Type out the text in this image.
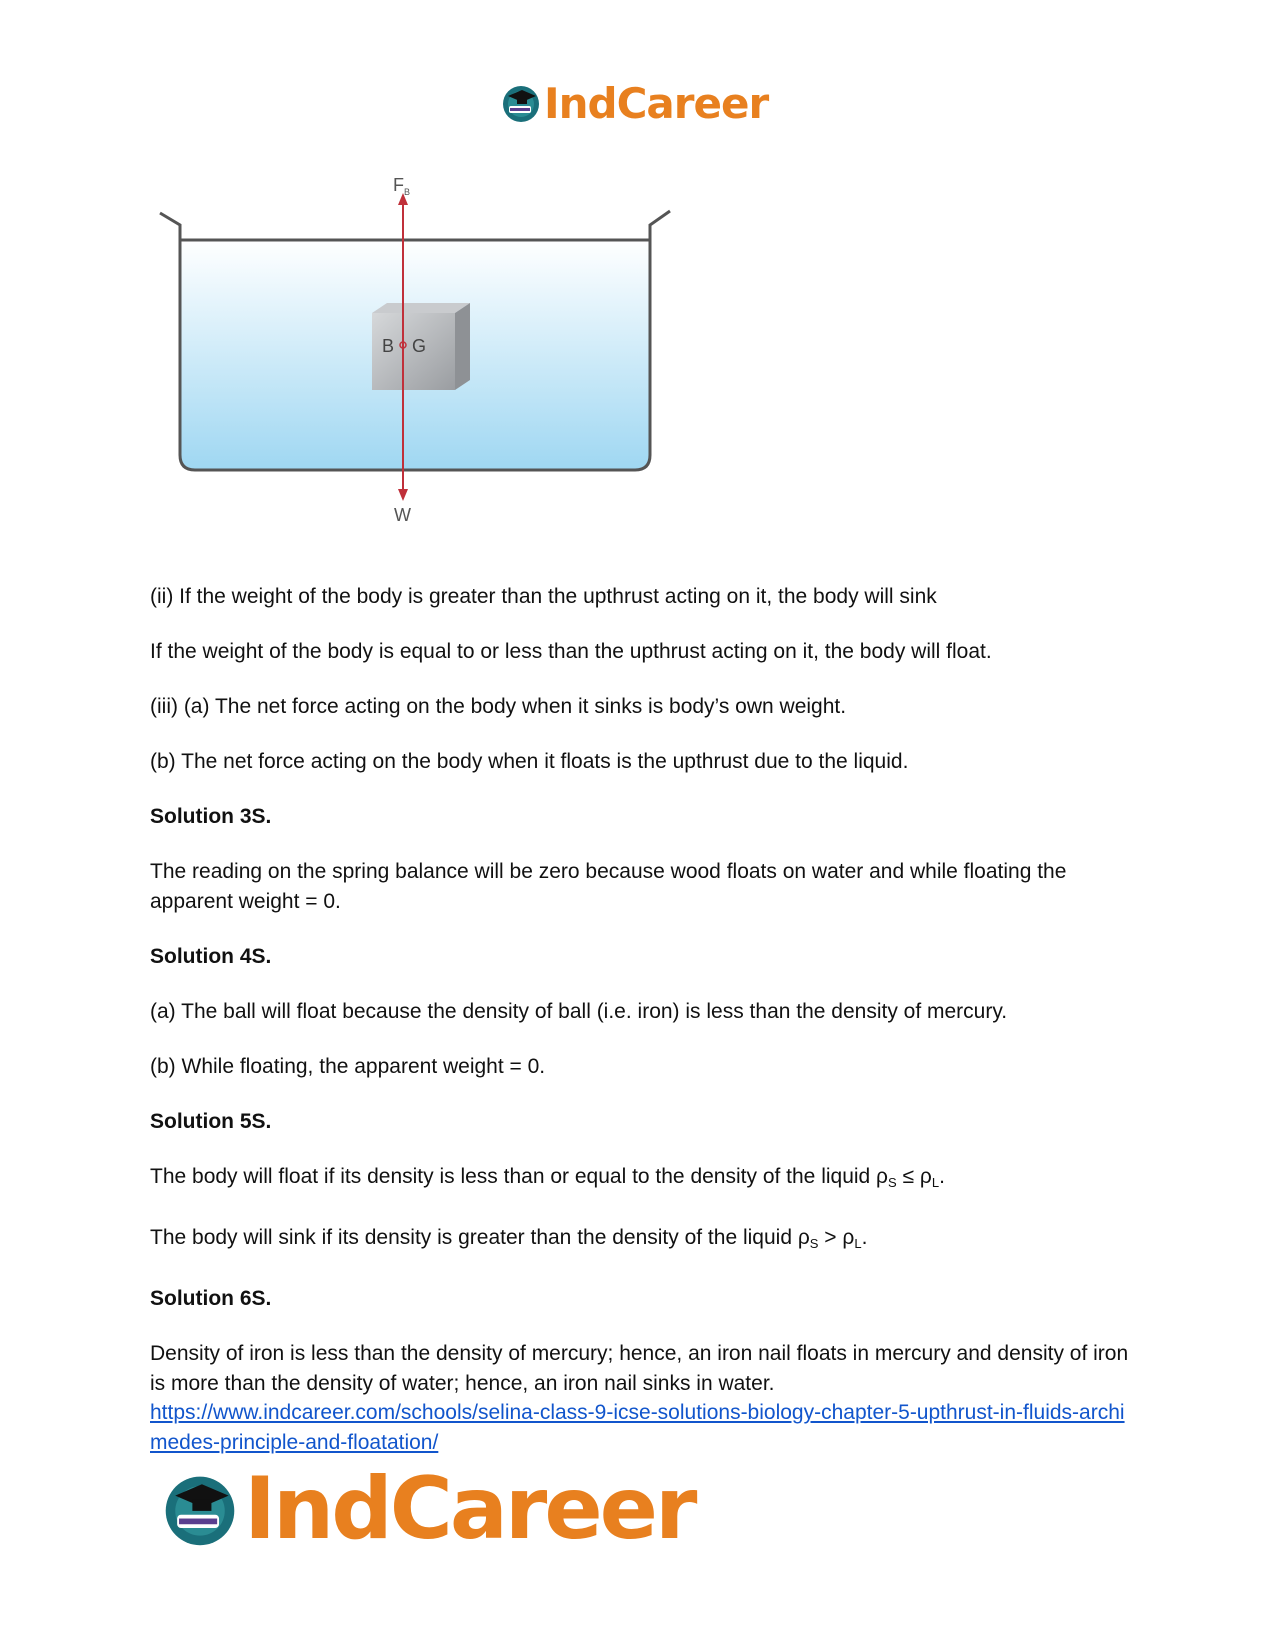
IndCareer
$F_B$
B G
W

(ii) If the weight of the body is greater than the upthrust acting on it, the body will sink

If the weight of the body is equal to or less than the upthrust acting on it, the body will float.

(iii) (a) The net force acting on the body when it sinks is body’s own weight.

(b) The net force acting on the body when it floats is the upthrust due to the liquid.

Solution 3S.

The reading on the spring balance will be zero because wood floats on water and while floating the apparent weight = 0.

Solution 4S.

(a) The ball will float because the density of ball (i.e. iron) is less than the density of mercury.

(b) While floating, the apparent weight = 0.

Solution 5S.

The body will float if its density is less than or equal to the density of the liquid $\rho_S \le \rho_L$.

The body will sink if its density is greater than the density of the liquid $\rho_S > \rho_L$.

Solution 6S.

Density of iron is less than the density of mercury; hence, an iron nail floats in mercury and density of iron is more than the density of water; hence, an iron nail sinks in water.

https://www.indcareer.com/schools/selina-class-9-icse-solutions-biology-chapter-5-upthrust-in-fluids-archimedes-principle-and-floatation/
IndCareer
